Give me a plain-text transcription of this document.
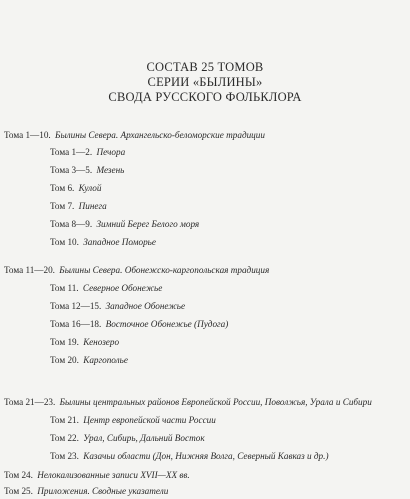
СОСТАВ 25 ТОМОВ
СЕРИИ «БЫЛИНЫ»
СВОДА РУССКОГО ФОЛЬКЛОРА
Тома 1—10. Былины Севера. Архангельско-беломорские традиции
Тома 1—2. Печора
Тома 3—5. Мезень
Том 6. Кулой
Том 7. Пинега
Тома 8—9. Зимний Берег Белого моря
Том 10. Западное Поморье
Тома 11—20. Былины Севера. Обонежско-каргопольская традиция
Том 11. Северное Обонежье
Тома 12—15. Западное Обонежье
Тома 16—18. Восточное Обонежье (Пудога)
Том 19. Кенозеро
Том 20. Каргополье
Тома 21—23. Былины центральных районов Европейской России, Поволжья, Урала и Сибири
Том 21. Центр европейской части России
Том 22. Урал, Сибирь, Дальний Восток
Том 23. Казачьи области (Дон, Нижняя Волга, Северный Кавказ и др.)
Том 24. Нелокализованные записи XVII—XX вв.
Том 25. Приложения. Сводные указатели
